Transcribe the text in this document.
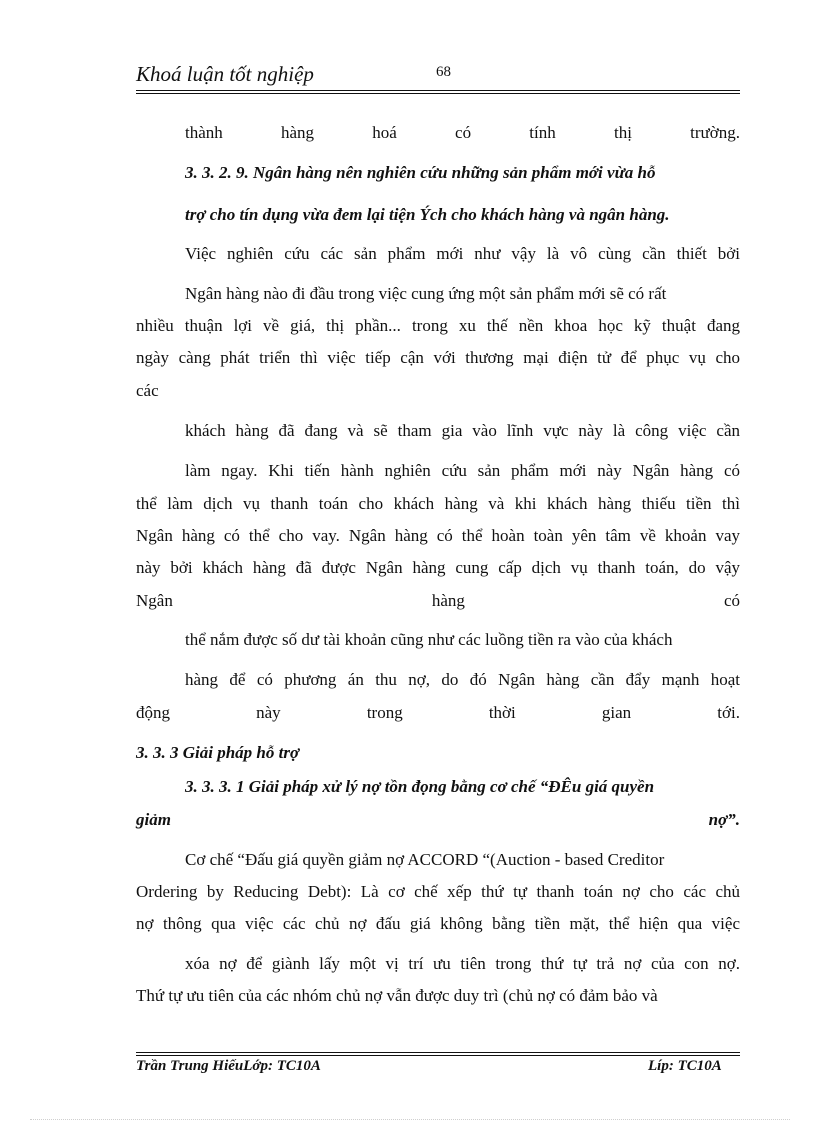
Khoá luận tốt nghiệp	68
thành hàng hoá có tính thị trường.
3. 3. 2. 9. Ngân hàng nên nghiên cứu những sản phẩm mới vừa hỗ
trợ cho tín dụng vừa đem lại tiện Ých cho khách hàng và ngân hàng.
Việc nghiên cứu các sản phẩm mới như vậy là vô cùng cần thiết bởi
Ngân hàng nào đi đầu trong việc cung ứng một sản phẩm mới sẽ có rất
nhiều thuận lợi về giá, thị phần... trong xu thế nền khoa học kỹ thuật đang
ngày càng phát triển thì việc tiếp cận với thương mại điện tử để phục vụ cho
các
khách hàng đã đang và sẽ tham gia vào lĩnh vực này là công việc cần
làm ngay. Khi tiến hành nghiên cứu sản phẩm mới này Ngân hàng có
thể làm dịch vụ thanh toán cho khách hàng và khi khách hàng thiếu tiền thì
Ngân hàng có thể cho vay. Ngân hàng có thể hoàn toàn yên tâm về khoản vay
này bởi khách hàng đã được Ngân hàng cung cấp dịch vụ thanh toán, do vậy
Ngân hàng có
thể nắm được số dư tài khoản cũng như các luồng tiền ra vào của khách
hàng để có phương án thu nợ, do đó Ngân hàng cần đẩy mạnh hoạt
động này trong thời gian tới.
3. 3. 3 Giải pháp hỗ trợ
3. 3. 3. 1 Giải pháp xử lý nợ tồn đọng bằng cơ chế “ĐÊu giá quyền
giảm nợ”.
Cơ chế “Đấu giá quyền giảm nợ ACCORD “(Auction - based Creditor
Ordering by Reducing Debt): Là cơ chế xếp thứ tự thanh toán nợ cho các chủ
nợ thông qua việc các chủ nợ đấu giá không bằng tiền mặt, thể hiện qua việc
xóa nợ để giành lấy một vị trí ưu tiên trong thứ tự trả nợ của con nợ.
Thứ tự ưu tiên của các nhóm chủ nợ vẫn được duy trì (chủ nợ có đảm bảo và
Trần Trung HiếuLớp: TC10A	Líp: TC10A
